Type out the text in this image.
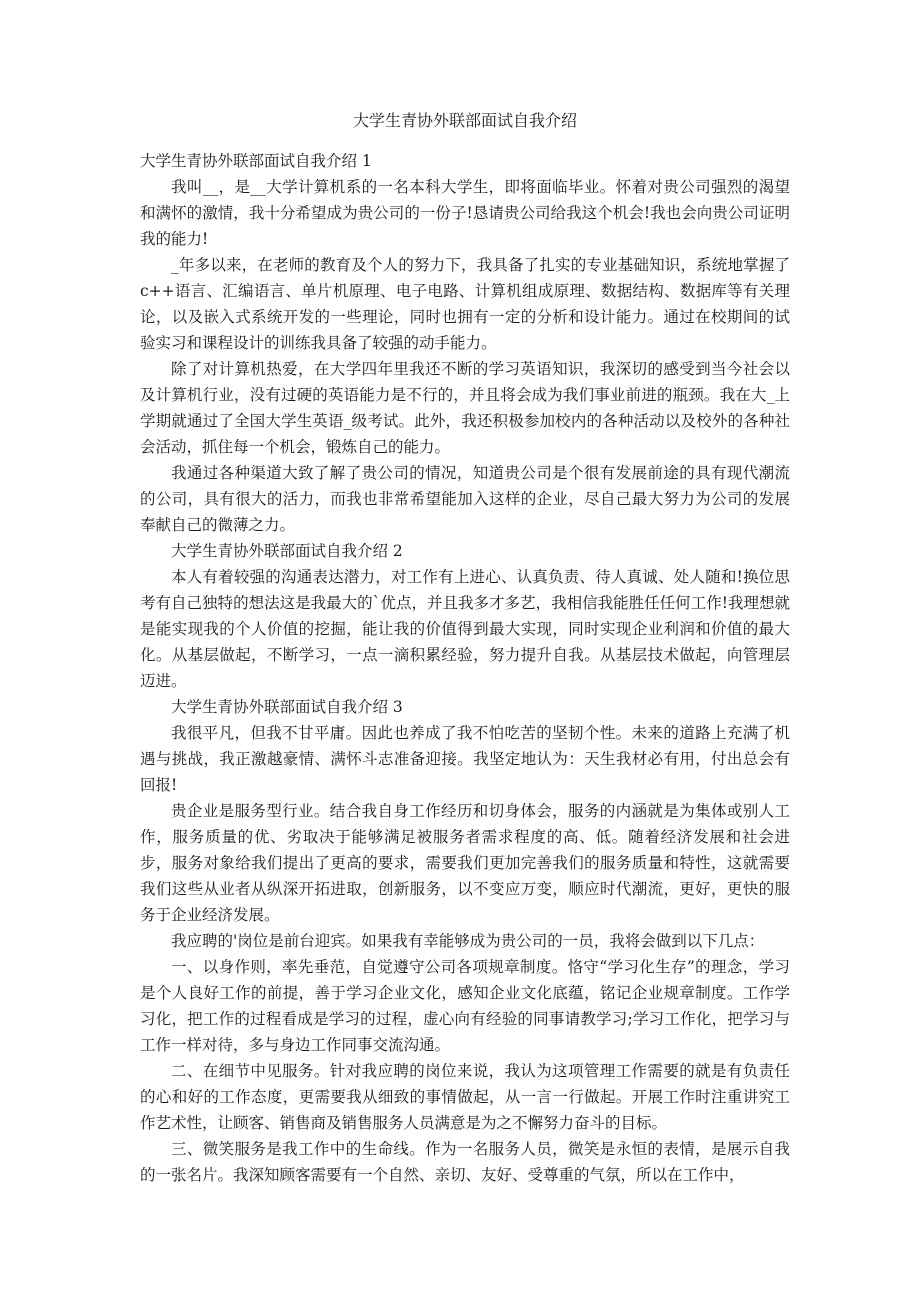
大学生青协外联部面试自我介绍

大学生青协外联部面试自我介绍 1

我叫__，是__大学计算机系的一名本科大学生，即将面临毕业。怀着对贵公司强烈的渴望和满怀的激情，我十分希望成为贵公司的一份子!恳请贵公司给我这个机会!我也会向贵公司证明我的能力!

_年多以来，在老师的教育及个人的努力下，我具备了扎实的专业基础知识，系统地掌握了 c++语言、汇编语言、单片机原理、电子电路、计算机组成原理、数据结构、数据库等有关理论，以及嵌入式系统开发的一些理论，同时也拥有一定的分析和设计能力。通过在校期间的试验实习和课程设计的训练我具备了较强的动手能力。

除了对计算机热爱，在大学四年里我还不断的学习英语知识，我深切的感受到当今社会以及计算机行业，没有过硬的英语能力是不行的，并且将会成为我们事业前进的瓶颈。我在大_上学期就通过了全国大学生英语_级考试。此外，我还积极参加校内的各种活动以及校外的各种社会活动，抓住每一个机会，锻炼自己的能力。

我通过各种渠道大致了解了贵公司的情况，知道贵公司是个很有发展前途的具有现代潮流的公司，具有很大的活力，而我也非常希望能加入这样的企业，尽自己最大努力为公司的发展奉献自己的微薄之力。

大学生青协外联部面试自我介绍 2

本人有着较强的沟通表达潜力，对工作有上进心、认真负责、待人真诚、处人随和!换位思考有自己独特的想法这是我最大的`优点，并且我多才多艺，我相信我能胜任任何工作!我理想就是能实现我的个人价值的挖掘，能让我的价值得到最大实现，同时实现企业利润和价值的最大化。从基层做起，不断学习，一点一滴积累经验，努力提升自我。从基层技术做起，向管理层迈进。

大学生青协外联部面试自我介绍 3

我很平凡，但我不甘平庸。因此也养成了我不怕吃苦的坚韧个性。未来的道路上充满了机遇与挑战，我正激越豪情、满怀斗志准备迎接。我坚定地认为：天生我材必有用，付出总会有回报!

贵企业是服务型行业。结合我自身工作经历和切身体会，服务的内涵就是为集体或别人工作，服务质量的优、劣取决于能够满足被服务者需求程度的高、低。随着经济发展和社会进步，服务对象给我们提出了更高的要求，需要我们更加完善我们的服务质量和特性，这就需要我们这些从业者从纵深开拓进取，创新服务，以不变应万变，顺应时代潮流，更好，更快的服务于企业经济发展。

我应聘的'岗位是前台迎宾。如果我有幸能够成为贵公司的一员，我将会做到以下几点：

一、以身作则，率先垂范，自觉遵守公司各项规章制度。恪守“学习化生存”的理念，学习是个人良好工作的前提，善于学习企业文化，感知企业文化底蕴，铭记企业规章制度。工作学习化，把工作的过程看成是学习的过程，虚心向有经验的同事请教学习;学习工作化，把学习与工作一样对待，多与身边工作同事交流沟通。

二、在细节中见服务。针对我应聘的岗位来说，我认为这项管理工作需要的就是有负责任的心和好的工作态度，更需要我从细致的事情做起，从一言一行做起。开展工作时注重讲究工作艺术性，让顾客、销售商及销售服务人员满意是为之不懈努力奋斗的目标。

三、微笑服务是我工作中的生命线。作为一名服务人员，微笑是永恒的表情，是展示自我的一张名片。我深知顾客需要有一个自然、亲切、友好、受尊重的气氛，所以在工作中，
